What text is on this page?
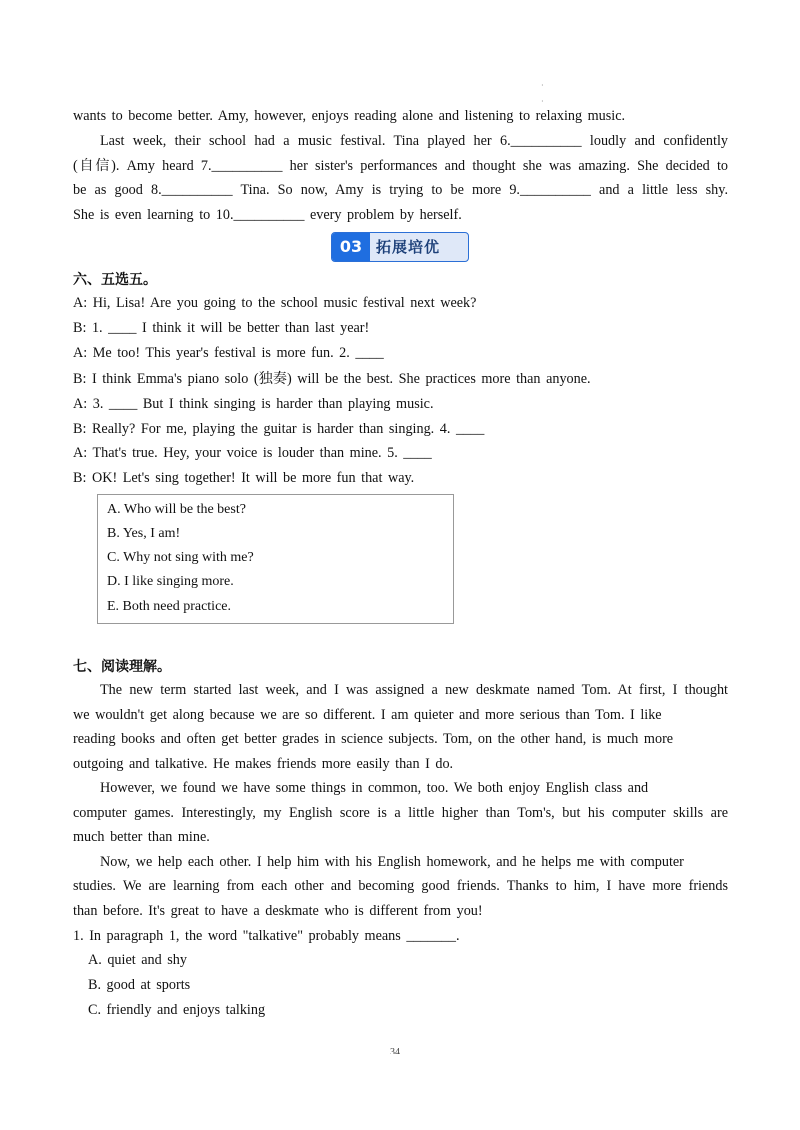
·

·
wants to become better. Amy, however, enjoys reading alone and listening to relaxing music.
Last week, their school had a music festival. Tina played her 6.__________ loudly and confidently
(自信). Amy heard 7.__________ her sister's performances and thought she was amazing. She decided to
be as good 8.__________ Tina. So now, Amy is trying to be more 9.__________ and a little less shy.
She is even learning to 10.__________ every problem by herself.
03 拓展培优
六、五选五。
A: Hi, Lisa! Are you going to the school music festival next week?
B: 1. ____ I think it will be better than last year!
A: Me too! This year's festival is more fun. 2. ____
B: I think Emma's piano solo (独奏) will be the best. She practices more than anyone.
A: 3. ____ But I think singing is harder than playing music.
B: Really? For me, playing the guitar is harder than singing. 4. ____
A: That's true. Hey, your voice is louder than mine. 5. ____
B: OK! Let's sing together! It will be more fun that way.
A. Who will be the best?
B. Yes, I am!
C. Why not sing with me?
D. I like singing more.
E. Both need practice.
七、阅读理解。
The new term started last week, and I was assigned a new deskmate named Tom. At first, I thought
we wouldn't get along because we are so different. I am quieter and more serious than Tom. I like
reading books and often get better grades in science subjects. Tom, on the other hand, is much more
outgoing and talkative. He makes friends more easily than I do.
However, we found we have some things in common, too. We both enjoy English class and
computer games. Interestingly, my English score is a little higher than Tom's, but his computer skills are
much better than mine.
Now, we help each other. I help him with his English homework, and he helps me with computer
studies. We are learning from each other and becoming good friends. Thanks to him, I have more friends
than before. It's great to have a deskmate who is different from you!
1. In paragraph 1, the word "talkative" probably means _______.
A. quiet and shy
B. good at sports
C. friendly and enjoys talking
34
